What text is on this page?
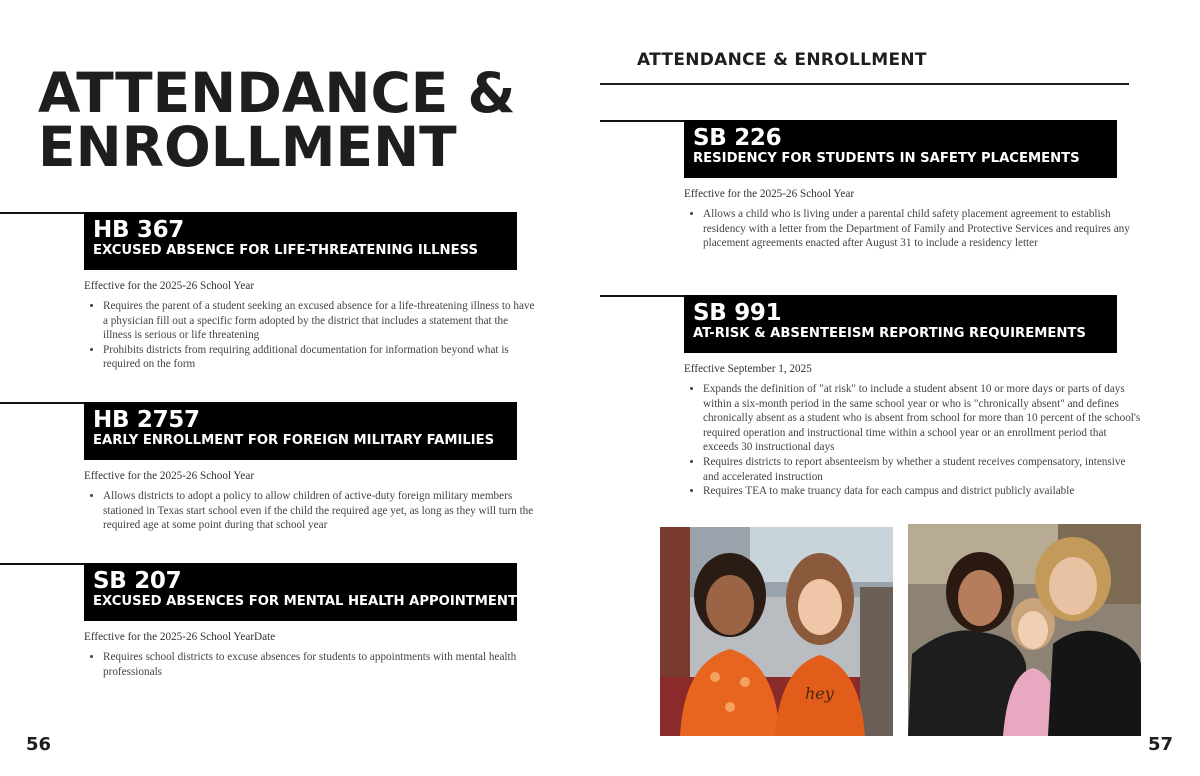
ATTENDANCE &
ENROLLMENT
HB 367
EXCUSED ABSENCE FOR LIFE-THREATENING ILLNESS

Effective for the 2025-26 School Year

• Requires the parent of a student seeking an excused absence for a life-threatening illness to have a physician fill out a specific form adopted by the district that includes a statement that the illness is serious or life threatening
• Prohibits districts from requiring additional documentation for information beyond what is required on the form
HB 2757
EARLY ENROLLMENT FOR FOREIGN MILITARY FAMILIES

Effective for the 2025-26 School Year

• Allows districts to adopt a policy to allow children of active-duty foreign military members stationed in Texas start school even if the child the required age yet, as long as they will turn the required age at some point during that school year
SB 207
EXCUSED ABSENCES FOR MENTAL HEALTH APPOINTMENTS

Effective for the 2025-26 School YearDate

• Requires school districts to excuse absences for students to appointments with mental health professionals

56

ATTENDANCE & ENROLLMENT
SB 226
RESIDENCY FOR STUDENTS IN SAFETY PLACEMENTS

Effective for the 2025-26 School Year

• Allows a child who is living under a parental child safety placement agreement to establish residency with a letter from the Department of Family and Protective Services and requires any placement agreements enacted after August 31 to include a residency letter
SB 991
AT-RISK & ABSENTEEISM REPORTING REQUIREMENTS

Effective September 1, 2025

• Expands the definition of "at risk" to include a student absent 10 or more days or parts of days within a six-month period in the same school year or who is "chronically absent" and defines chronically absent as a student who is absent from school for more than 10 percent of the school's required operation and instructional time within a school year or an enrollment period that exceeds 30 instructional days
• Requires districts to report absenteeism by whether a student receives compensatory, intensive and accelerated instruction
• Requires TEA to make truancy data for each campus and district publicly available
hey

57
